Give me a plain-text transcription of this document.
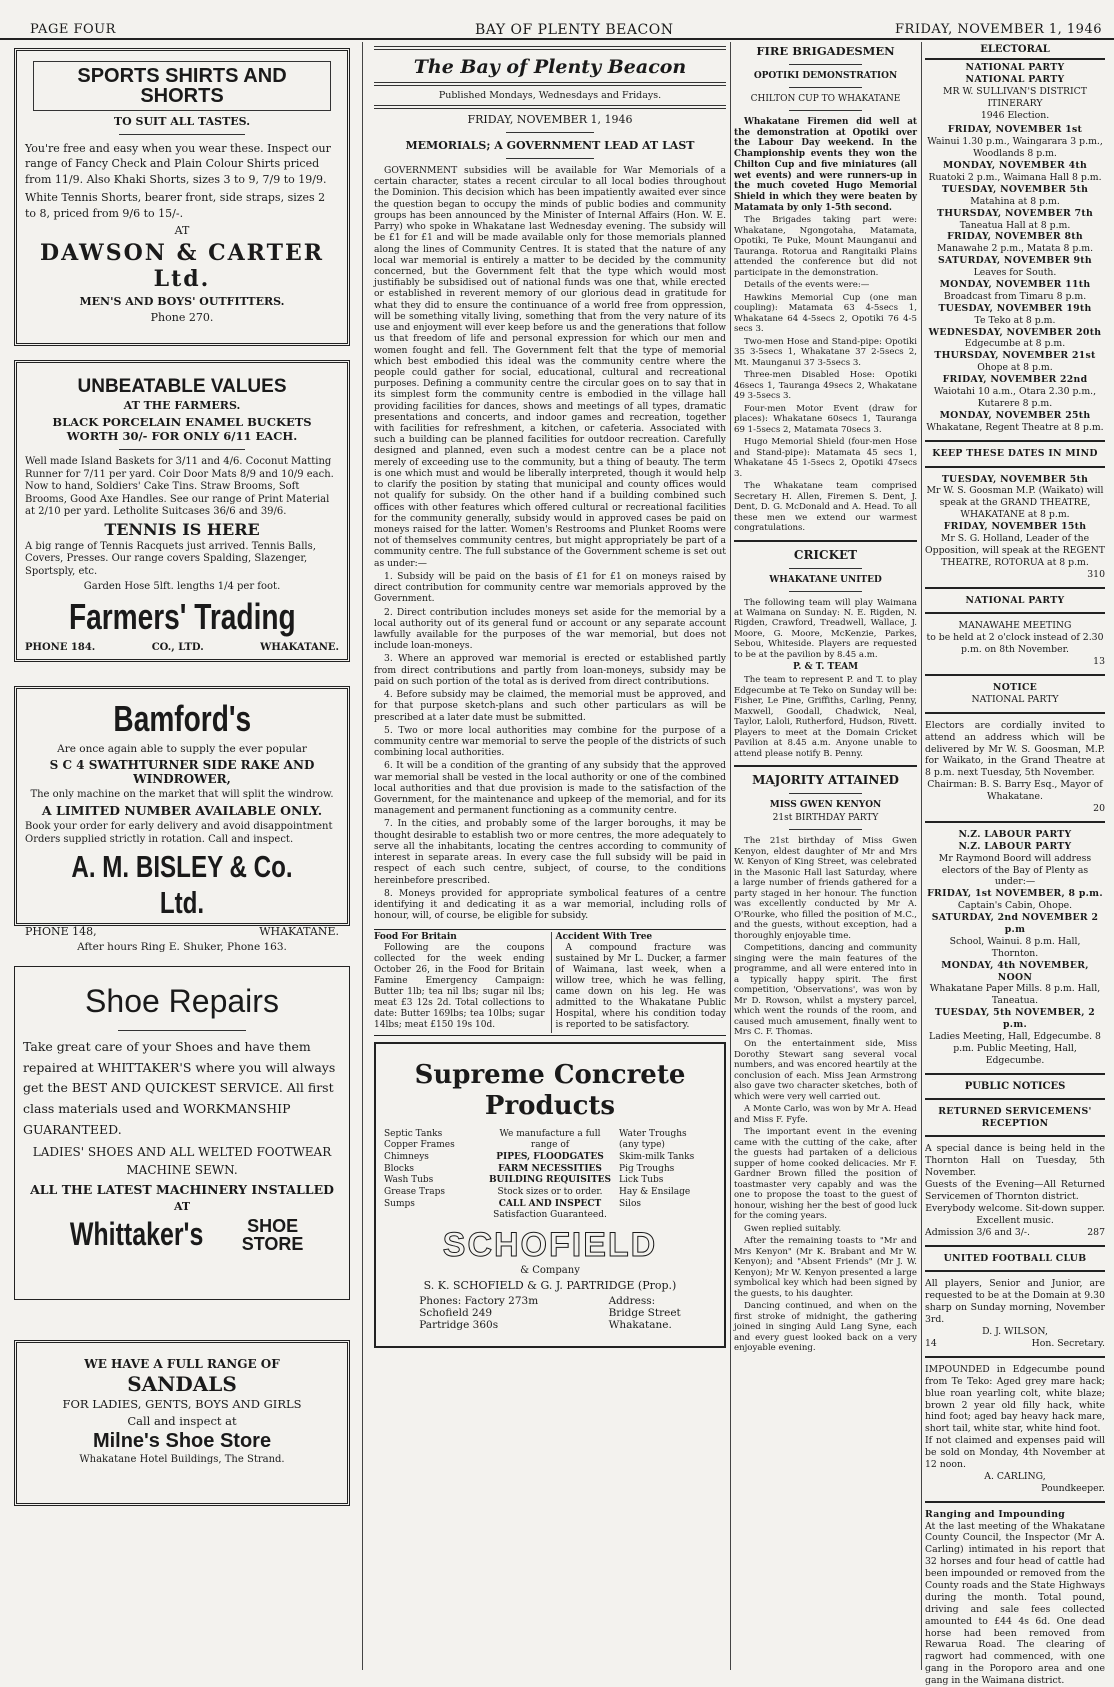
PAGE FOUR	BAY OF PLENTY BEACON	FRIDAY, NOVEMBER 1, 1946
SPORTS SHIRTS AND SHORTS

TO SUIT ALL TASTES.

You're free and easy when you wear these. Inspect our range of Fancy Check and Plain Colour Shirts priced from 11/9. Also Khaki Shorts, sizes 3 to 9, 7/9 to 19/9.

White Tennis Shorts, bearer front, side straps, sizes 2 to 8, priced from 9/6 to 15/-.

AT

DAWSON & CARTER Ltd.

MEN'S AND BOYS' OUTFITTERS.

Phone 270.

UNBEATABLE VALUES

AT THE FARMERS.

BLACK PORCELAIN ENAMEL BUCKETS WORTH 30/- FOR ONLY 6/11 EACH.

Well made Island Baskets for 3/11 and 4/6. Coconut Matting Runner for 7/11 per yard. Coir Door Mats 8/9 and 10/9 each. Now to hand, Soldiers' Cake Tins. Straw Brooms, Soft Brooms, Good Axe Handles. See our range of Print Material at 2/10 per yard. Letholite Suitcases 36/6 and 39/6.

TENNIS IS HERE

A big range of Tennis Racquets just arrived. Tennis Balls, Covers, Presses. Our range covers Spalding, Slazenger, Sportsply, etc.

Garden Hose 5lft. lengths 1/4 per foot.

Farmers' Trading

PHONE 184.	CO., LTD.	WHAKATANE.

Bamford's

Are once again able to supply the ever popular

S C 4 SWATHTURNER SIDE RAKE AND WINDROWER,

The only machine on the market that will split the windrow.

A LIMITED NUMBER AVAILABLE ONLY.

Book your order for early delivery and avoid disappointment Orders supplied strictly in rotation. Call and inspect.

A. M. BISLEY & Co. Ltd.

PHONE 148,	WHAKATANE.

After hours Ring E. Shuker, Phone 163.

Shoe Repairs

Take great care of your Shoes and have them repaired at WHITTAKER'S where you will always get the BEST AND QUICKEST SERVICE. All first class materials used and WORKMANSHIP GUARANTEED.

LADIES' SHOES AND ALL WELTED FOOTWEAR MACHINE SEWN.

ALL THE LATEST MACHINERY INSTALLED

AT

Whittaker's	SHOE STORE

WE HAVE A FULL RANGE OF

SANDALS

FOR LADIES, GENTS, BOYS AND GIRLS

Call and inspect at

Milne's Shoe Store

Whakatane Hotel Buildings, The Strand.

The Bay of Plenty Beacon
Published Mondays, Wednesdays and Fridays.
FRIDAY, NOVEMBER 1, 1946
MEMORIALS; A GOVERNMENT LEAD AT LAST

GOVERNMENT subsidies will be available for War Memorials of a certain character, states a recent circular to all local bodies throughout the Dominion. This decision which has been impatiently awaited ever since the question began to occupy the minds of public bodies and community groups has been announced by the Minister of Internal Affairs (Hon. W. E. Parry) who spoke in Whakatane last Wednesday evening. The subsidy will be £1 for £1 and will be made available only for those memorials planned along the lines of Community Centres. It is stated that the nature of any local war memorial is entirely a matter to be decided by the community concerned, but the Government felt that the type which would most justifiably be subsidised out of national funds was one that, while erected or established in reverent memory of our glorious dead in gratitude for what they did to ensure the continuance of a world free from oppression, will be something vitally living, something that from the very nature of its use and enjoyment will ever keep before us and the generations that follow us that freedom of life and personal expression for which our men and women fought and fell. The Government felt that the type of memorial which best embodied this ideal was the community centre where the people could gather for social, educational, cultural and recreational purposes. Defining a community centre the circular goes on to say that in its simplest form the community centre is embodied in the village hall providing facilities for dances, shows and meetings of all types, dramatic presentations and concerts, and indoor games and recreation, together with facilities for refreshment, a kitchen, or cafeteria. Associated with such a building can be planned facilities for outdoor recreation. Carefully designed and planned, even such a modest centre can be a place not merely of exceeding use to the community, but a thing of beauty. The term is one which must and would be liberally interpreted, though it would help to clarify the position by stating that municipal and county offices would not qualify for subsidy. On the other hand if a building combined such offices with other features which offered cultural or recreational facilities for the community generally, subsidy would in approved cases be paid on moneys raised for the latter. Women's Restrooms and Plunket Rooms were not of themselves community centres, but might appropriately be part of a community centre. The full substance of the Government scheme is set out as under:—

1. Subsidy will be paid on the basis of £1 for £1 on moneys raised by direct contribution for community centre war memorials approved by the Government.

2. Direct contribution includes moneys set aside for the memorial by a local authority out of its general fund or account or any separate account lawfully available for the purposes of the war memorial, but does not include loan-moneys.

3. Where an approved war memorial is erected or established partly from direct contributions and partly from loan-moneys, subsidy may be paid on such portion of the total as is derived from direct contributions.

4. Before subsidy may be claimed, the memorial must be approved, and for that purpose sketch-plans and such other particulars as will be prescribed at a later date must be submitted.

5. Two or more local authorities may combine for the purpose of a community centre war memorial to serve the people of the districts of such combining local authorities.

6. It will be a condition of the granting of any subsidy that the approved war memorial shall be vested in the local authority or one of the combined local authorities and that due provision is made to the satisfaction of the Government, for the maintenance and upkeep of the memorial, and for its management and permanent functioning as a community centre.

7. In the cities, and probably some of the larger boroughs, it may be thought desirable to establish two or more centres, the more adequately to serve all the inhabitants, locating the centres according to community of interest in separate areas. In every case the full subsidy will be paid in respect of each such centre, subject, of course, to the conditions hereinbefore prescribed.

8. Moneys provided for appropriate symbolical features of a centre identifying it and dedicating it as a war memorial, including rolls of honour, will, of course, be eligible for subsidy.

Food For Britain

Following are the coupons collected for the week ending October 26, in the Food for Britain Famine Emergency Campaign: Butter 1lb; tea nil lbs; sugar nil lbs; meat £3 12s 2d. Total collections to date: Butter 169lbs; tea 10lbs; sugar 14lbs; meat £150 19s 10d.

Accident With Tree

A compound fracture was sustained by Mr L. Ducker, a farmer of Waimana, last week, when a willow tree, which he was felling, came down on his leg. He was admitted to the Whakatane Public Hospital, where his condition today is reported to be satisfactory.

Supreme Concrete Products

Septic Tanks
Copper Frames
Chimneys
Blocks
Wash Tubs
Grease Traps
Sumps
We manufacture a full range of
PIPES, FLOODGATES
FARM NECESSITIES
BUILDING REQUISITES
Stock sizes or to order.
CALL AND INSPECT
Satisfaction Guaranteed.
Water Troughs
(any type)
Skim-milk Tanks
Pig Troughs
Lick Tubs
Hay & Ensilage
Silos

SCHOFIELD

& Company

S. K. SCHOFIELD & G. J. PARTRIDGE (Prop.)

Phones: Factory 273m
Schofield 249
Partridge 360s
Address:
Bridge Street
Whakatane.
FIRE BRIGADESMEN
OPOTIKI DEMONSTRATION
CHILTON CUP TO WHAKATANE

Whakatane Firemen did well at the demonstration at Opotiki over the Labour Day weekend. In the Championship events they won the Chilton Cup and five miniatures (all wet events) and were runners-up in the much coveted Hugo Memorial Shield in which they were beaten by Matamata by only 1-5th second.

The Brigades taking part were: Whakatane, Ngongotaha, Matamata, Opotiki, Te Puke, Mount Maunganui and Tauranga. Rotorua and Rangitaiki Plains attended the conference but did not participate in the demonstration.

Details of the events were:—

Hawkins Memorial Cup (one man coupling): Matamata 63 4-5secs 1, Whakatane 64 4-5secs 2, Opotiki 76 4-5 secs 3.

Two-men Hose and Stand-pipe: Opotiki 35 3-5secs 1, Whakatane 37 2-5secs 2, Mt. Maunganui 37 3-5secs 3.

Three-men Disabled Hose: Opotiki 46secs 1, Tauranga 49secs 2, Whakatane 49 3-5secs 3.

Four-men Motor Event (draw for places): Whakatane 60secs 1, Tauranga 69 1-5secs 2, Matamata 70secs 3.

Hugo Memorial Shield (four-men Hose and Stand-pipe): Matamata 45 secs 1, Whakatane 45 1-5secs 2, Opotiki 47secs 3.

The Whakatane team comprised Secretary H. Allen, Firemen S. Dent, J. Dent, D. G. McDonald and A. Head. To all these men we extend our warmest congratulations.

CRICKET
WHAKATANE UNITED

The following team will play Waimana at Waimana on Sunday: N. E. Rigden, N. Rigden, Crawford, Treadwell, Wallace, J. Moore, G. Moore, McKenzie, Parkes, Sebou, Whiteside. Players are requested to be at the pavilion by 8.45 a.m.

P. & T. TEAM

The team to represent P. and T. to play Edgecumbe at Te Teko on Sunday will be: Fisher, Le Pine, Griffiths, Carling, Penny, Maxwell, Goodall, Chadwick, Neal, Taylor, Laloli, Rutherford, Hudson, Rivett. Players to meet at the Domain Cricket Pavilion at 8.45 a.m. Anyone unable to attend please notify B. Penny.

MAJORITY ATTAINED
MISS GWEN KENYON
21st BIRTHDAY PARTY

The 21st birthday of Miss Gwen Kenyon, eldest daughter of Mr and Mrs W. Kenyon of King Street, was celebrated in the Masonic Hall last Saturday, where a large number of friends gathered for a party staged in her honour. The function was excellently conducted by Mr A. O'Rourke, who filled the position of M.C., and the guests, without exception, had a thoroughly enjoyable time.

Competitions, dancing and community singing were the main features of the programme, and all were entered into in a typically happy spirit. The first competition, 'Observations', was won by Mr D. Rowson, whilst a mystery parcel, which went the rounds of the room, and caused much amusement, finally went to Mrs C. F. Thomas.

On the entertainment side, Miss Dorothy Stewart sang several vocal numbers, and was encored heartily at the conclusion of each. Miss Jean Armstrong also gave two character sketches, both of which were very well carried out.

A Monte Carlo, was won by Mr A. Head and Miss F. Fyfe.

The important event in the evening came with the cutting of the cake, after the guests had partaken of a delicious supper of home cooked delicacies. Mr F. Gardner Brown filled the position of toastmaster very capably and was the one to propose the toast to the guest of honour, wishing her the best of good luck for the coming years.

Gwen replied suitably.

After the remaining toasts to "Mr and Mrs Kenyon" (Mr K. Brabant and Mr W. Kenyon); and "Absent Friends" (Mr J. W. Kenyon); Mr W. Kenyon presented a large symbolical key which had been signed by the guests, to his daughter.

Dancing continued, and when on the first stroke of midnight, the gathering joined in singing Auld Lang Syne, each and every guest looked back on a very enjoyable evening.

ELECTORAL
NATIONAL PARTY
NATIONAL PARTY
MR W. SULLIVAN'S DISTRICT ITINERARY
1946 Election.
FRIDAY, NOVEMBER 1st
Wainui 1.30 p.m., Waingarara 3 p.m., Woodlands 8 p.m.
MONDAY, NOVEMBER 4th
Ruatoki 2 p.m., Waimana Hall 8 p.m.
TUESDAY, NOVEMBER 5th
Matahina at 8 p.m.
THURSDAY, NOVEMBER 7th
Taneatua Hall at 8 p.m.
FRIDAY, NOVEMBER 8th
Manawahe 2 p.m., Matata 8 p.m.
SATURDAY, NOVEMBER 9th
Leaves for South.
MONDAY, NOVEMBER 11th
Broadcast from Timaru 8 p.m.
TUESDAY, NOVEMBER 19th
Te Teko at 8 p.m.
WEDNESDAY, NOVEMBER 20th
Edgecumbe at 8 p.m.
THURSDAY, NOVEMBER 21st
Ohope at 8 p.m.
FRIDAY, NOVEMBER 22nd
Waiotahi 10 a.m., Otara 2.30 p.m., Kutarere 8 p.m.
MONDAY, NOVEMBER 25th
Whakatane, Regent Theatre at 8 p.m.
KEEP THESE DATES IN MIND
TUESDAY, NOVEMBER 5th
Mr W. S. Goosman M.P. (Waikato) will speak at the GRAND THEATRE, WHAKATANE at 8 p.m.
FRIDAY, NOVEMBER 15th
Mr S. G. Holland, Leader of the Opposition, will speak at the REGENT THEATRE, ROTORUA at 8 p.m.
310
NATIONAL PARTY
MANAWAHE MEETING
to be held at 2 o'clock instead of 2.30 p.m. on 8th November.
13
NOTICE
NATIONAL PARTY
Electors are cordially invited to attend an address which will be delivered by Mr W. S. Goosman, M.P. for Waikato, in the Grand Theatre at 8 p.m. next Tuesday, 5th November.
Chairman: B. S. Barry Esq., Mayor of Whakatane.
20
N.Z. LABOUR PARTY
N.Z. LABOUR PARTY
Mr Raymond Boord will address electors of the Bay of Plenty as under:—
FRIDAY, 1st NOVEMBER, 8 p.m.
Captain's Cabin, Ohope.
SATURDAY, 2nd NOVEMBER 2 p.m
School, Wainui. 8 p.m. Hall, Thornton.
MONDAY, 4th NOVEMBER, NOON
Whakatane Paper Mills. 8 p.m. Hall, Taneatua.
TUESDAY, 5th NOVEMBER, 2 p.m.
Ladies Meeting, Hall, Edgecumbe. 8 p.m. Public Meeting, Hall, Edgecumbe.
PUBLIC NOTICES
RETURNED SERVICEMENS' RECEPTION
A special dance is being held in the Thornton Hall on Tuesday, 5th November.
Guests of the Evening—All Returned Servicemen of Thornton district.
Everybody welcome. Sit-down supper. Excellent music.
Admission 3/6 and 3/-.	287
UNITED FOOTBALL CLUB
All players, Senior and Junior, are requested to be at the Domain at 9.30 sharp on Sunday morning, November 3rd.
D. J. WILSON,
14	Hon. Secretary.
IMPOUNDED in Edgecumbe pound from Te Teko: Aged grey mare hack; blue roan yearling colt, white blaze; brown 2 year old filly hack, white hind foot; aged bay heavy hack mare, short tail, white star, white hind foot.
If not claimed and expenses paid will be sold on Monday, 4th November at 12 noon.
A. CARLING,
Poundkeeper.
Ranging and Impounding
At the last meeting of the Whakatane County Council, the Inspector (Mr A. Carling) intimated in his report that 32 horses and four head of cattle had been impounded or removed from the County roads and the State Highways during the month. Total pound, driving and sale fees collected amounted to £44 4s 6d. One dead horse had been removed from Rewarua Road. The clearing of ragwort had commenced, with one gang in the Poroporo area and one gang in the Waimana district.
